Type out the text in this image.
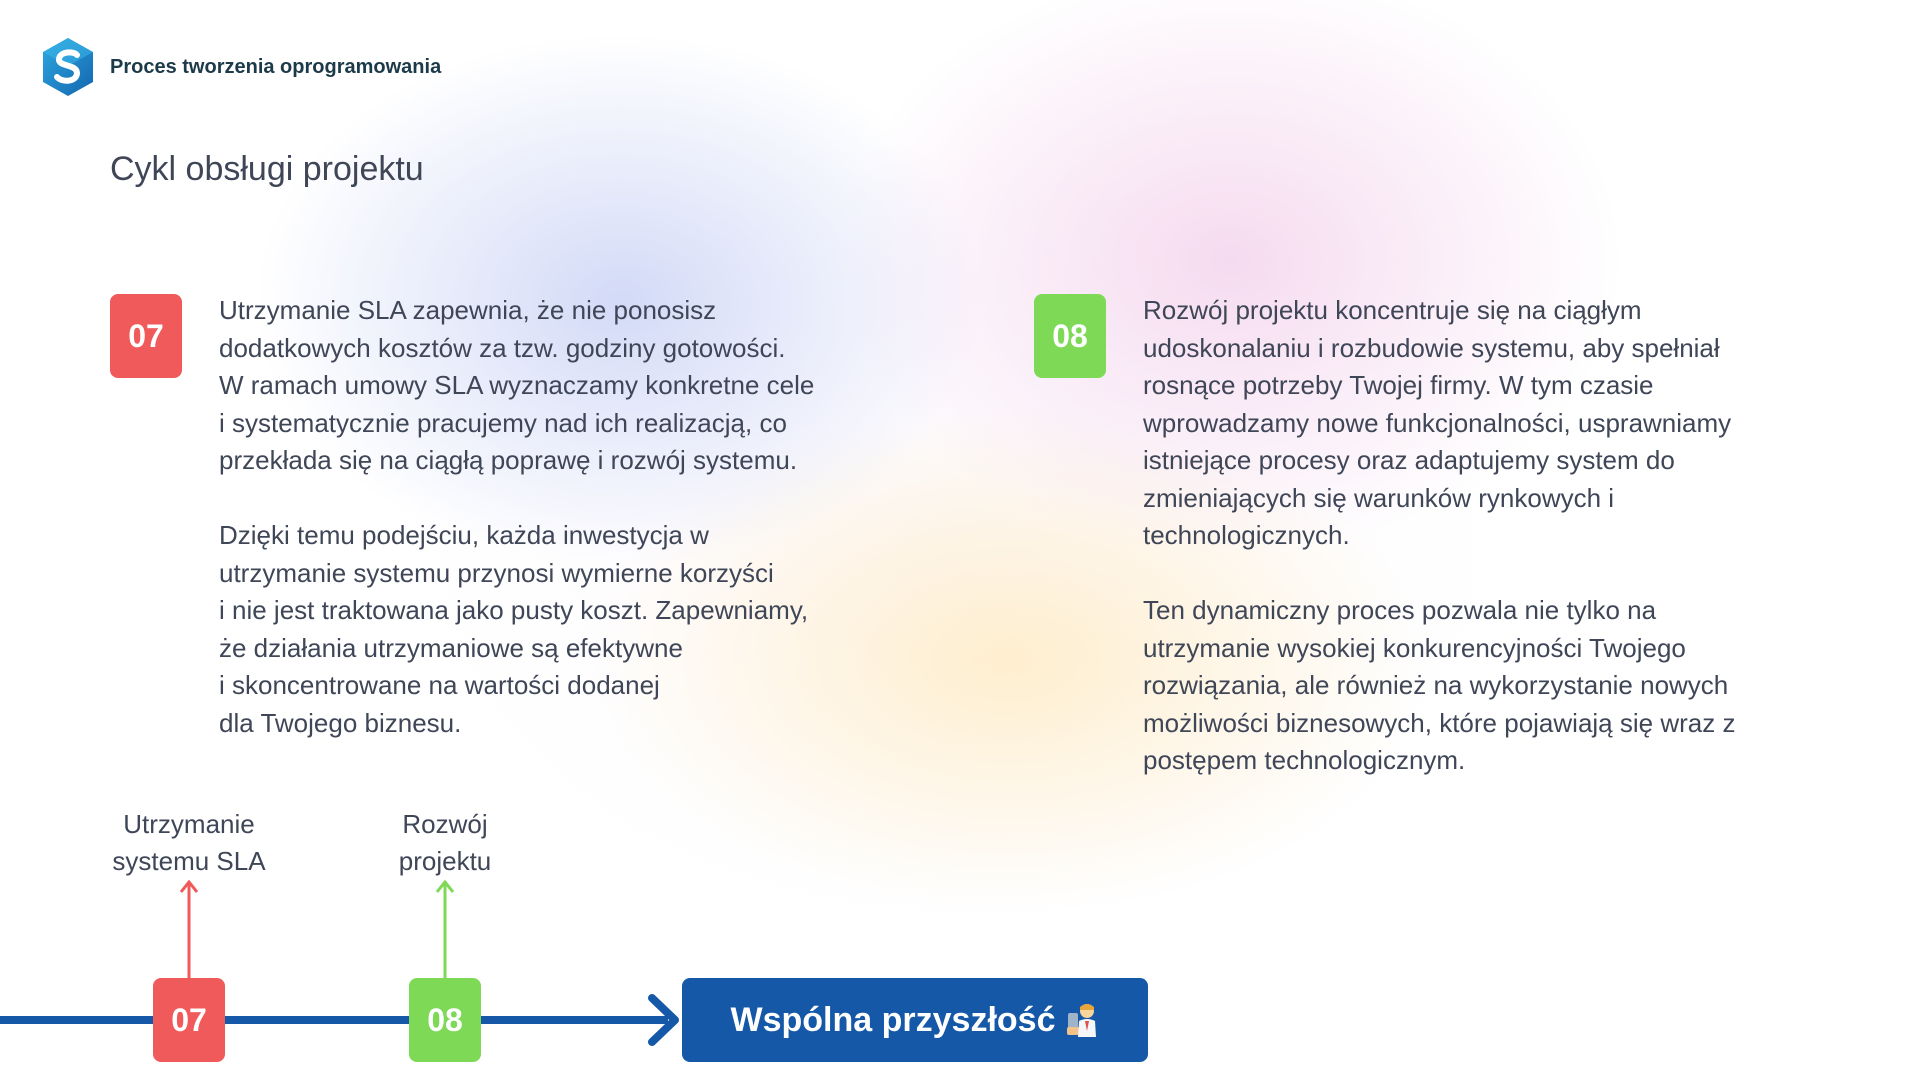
Proces tworzenia oprogramowania
Cykl obsługi projektu
07
Utrzymanie SLA zapewnia, że nie ponosisz
dodatkowych kosztów za tzw. godziny gotowości.
W ramach umowy SLA wyznaczamy konkretne cele
i systematycznie pracujemy nad ich realizacją, co
przekłada się na ciągłą poprawę i rozwój systemu.
Dzięki temu podejściu, każda inwestycja w
utrzymanie systemu przynosi wymierne korzyści
i nie jest traktowana jako pusty koszt. Zapewniamy,
że działania utrzymaniowe są efektywne
i skoncentrowane na wartości dodanej
dla Twojego biznesu.
08
Rozwój projektu koncentruje się na ciągłym
udoskonalaniu i rozbudowie systemu, aby spełniał
rosnące potrzeby Twojej firmy. W tym czasie
wprowadzamy nowe funkcjonalności, usprawniamy
istniejące procesy oraz adaptujemy system do
zmieniających się warunków rynkowych i
technologicznych.
Ten dynamiczny proces pozwala nie tylko na
utrzymanie wysokiej konkurencyjności Twojego
rozwiązania, ale również na wykorzystanie nowych
możliwości biznesowych, które pojawiają się wraz z
postępem technologicznym.
Utrzymanie
systemu SLA
Rozwój
projektu
07	08	Wspólna przyszłość
